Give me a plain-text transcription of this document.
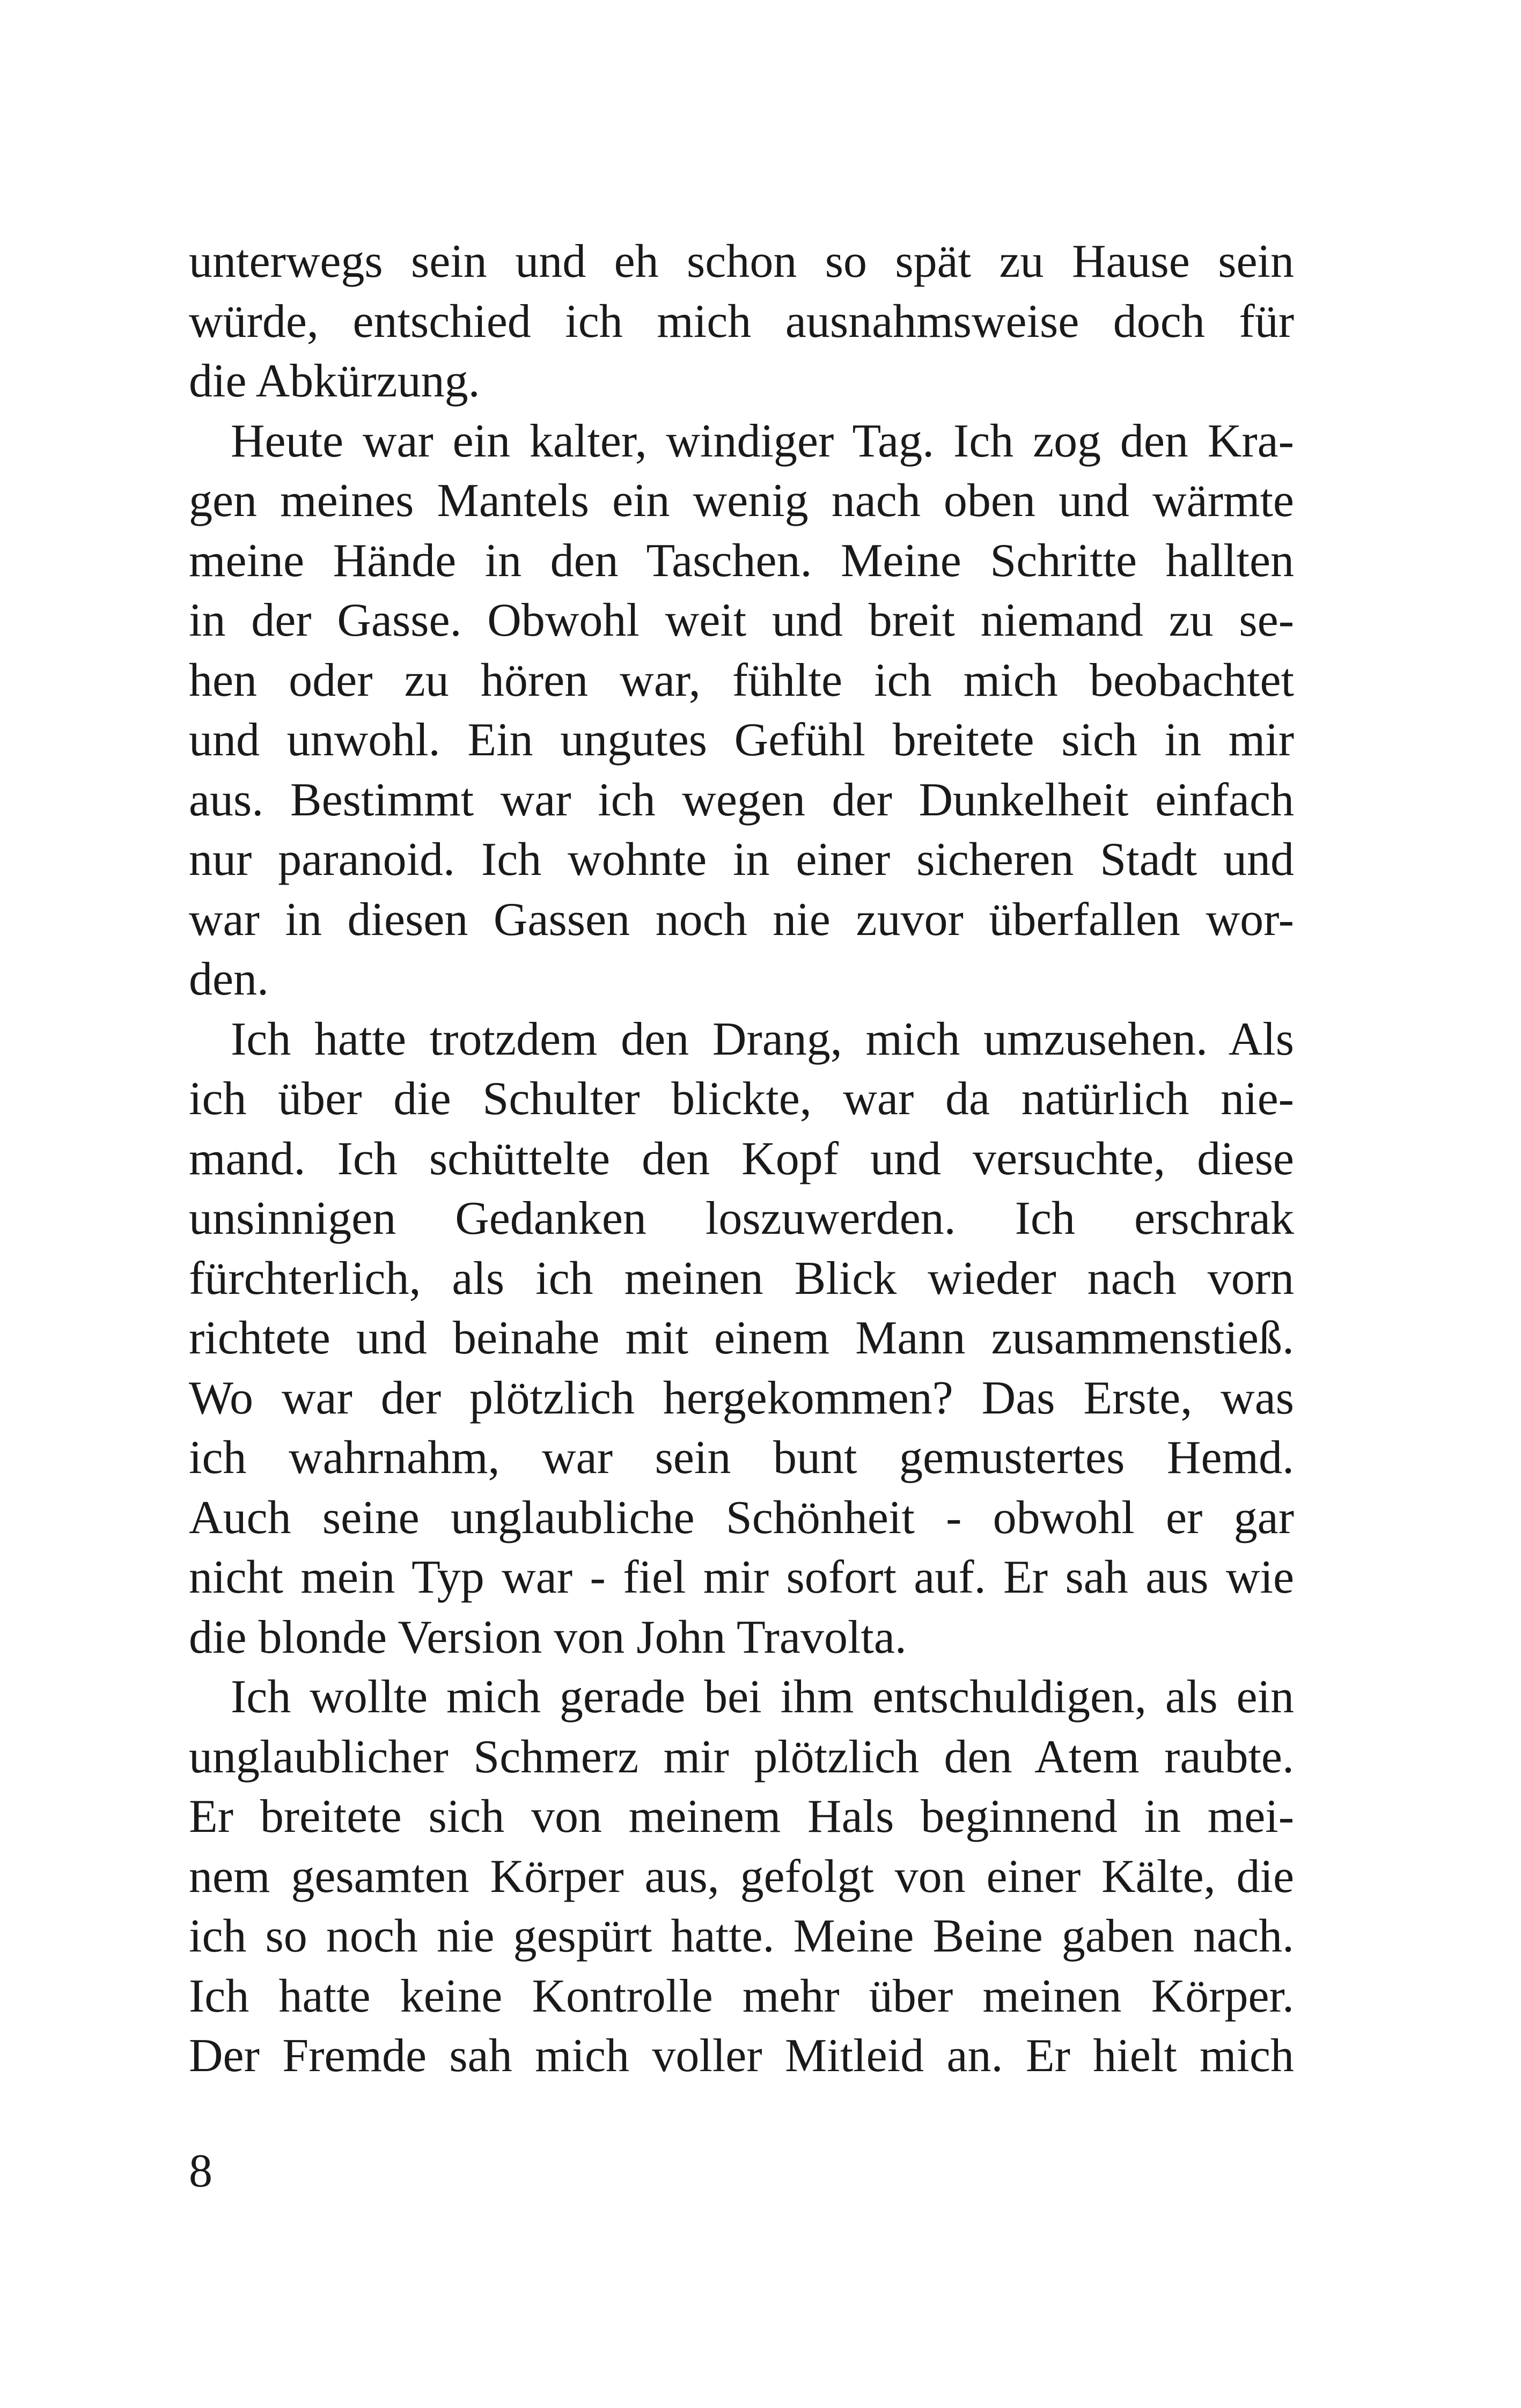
unterwegs sein und eh schon so spät zu Hause sein
würde, entschied ich mich ausnahmsweise doch für
die Abkürzung.
Heute war ein kalter, windiger Tag. Ich zog den Kra-
gen meines Mantels ein wenig nach oben und wärmte
meine Hände in den Taschen. Meine Schritte hallten
in der Gasse. Obwohl weit und breit niemand zu se-
hen oder zu hören war, fühlte ich mich beobachtet
und unwohl. Ein ungutes Gefühl breitete sich in mir
aus. Bestimmt war ich wegen der Dunkelheit einfach
nur paranoid. Ich wohnte in einer sicheren Stadt und
war in diesen Gassen noch nie zuvor überfallen wor-
den.
Ich hatte trotzdem den Drang, mich umzusehen. Als
ich über die Schulter blickte, war da natürlich nie-
mand. Ich schüttelte den Kopf und versuchte, diese
unsinnigen Gedanken loszuwerden. Ich erschrak
fürchterlich, als ich meinen Blick wieder nach vorn
richtete und beinahe mit einem Mann zusammenstieß.
Wo war der plötzlich hergekommen? Das Erste, was
ich wahrnahm, war sein bunt gemustertes Hemd.
Auch seine unglaubliche Schönheit - obwohl er gar
nicht mein Typ war - fiel mir sofort auf. Er sah aus wie
die blonde Version von John Travolta.
Ich wollte mich gerade bei ihm entschuldigen, als ein
unglaublicher Schmerz mir plötzlich den Atem raubte.
Er breitete sich von meinem Hals beginnend in mei-
nem gesamten Körper aus, gefolgt von einer Kälte, die
ich so noch nie gespürt hatte. Meine Beine gaben nach.
Ich hatte keine Kontrolle mehr über meinen Körper.
Der Fremde sah mich voller Mitleid an. Er hielt mich
8
